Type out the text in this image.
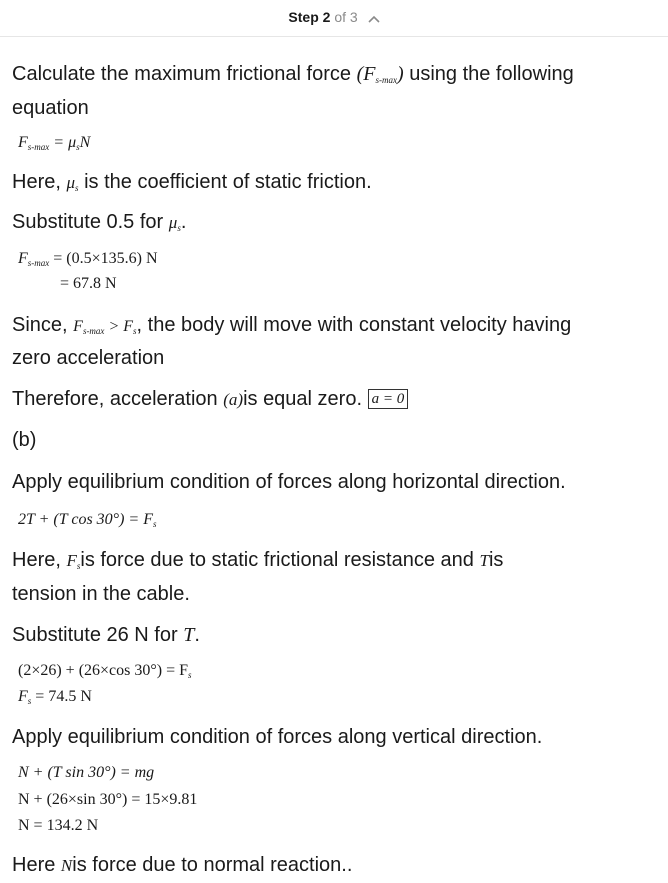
Step 2 of 3
Calculate the maximum frictional force $(F_{s-max})$ using the following
equation
$F_{s-max} = \mu_sN$
Here, $\mu_s$ is the coefficient of static friction.
Substitute 0.5 for $\mu_s$.
$F_{s-max} = (0.5\times 135.6)$ N
= 67.8 N
Since, $F_{s-max} > F_s$, the body will move with constant velocity having
zero acceleration
Therefore, acceleration (a)is equal zero. a = 0
(b)
Apply equilibrium condition of forces along horizontal direction.
2T + (T $\cos 30^\circ) = F_s$
Here, $F_sis$ force due to static frictional resistance and Tis
tension in the cable.
Substitute 26 N for T.
(2×26) + (26×cos $30^\circ) = F_s$
$F_s = 74.5$ N
Apply equilibrium condition of forces along vertical direction.
N + (T sin 30°) = mg
N + (26×sin 30°) = 15×9.81
N = 134.2 N
Here Nis force due to normal reaction..
